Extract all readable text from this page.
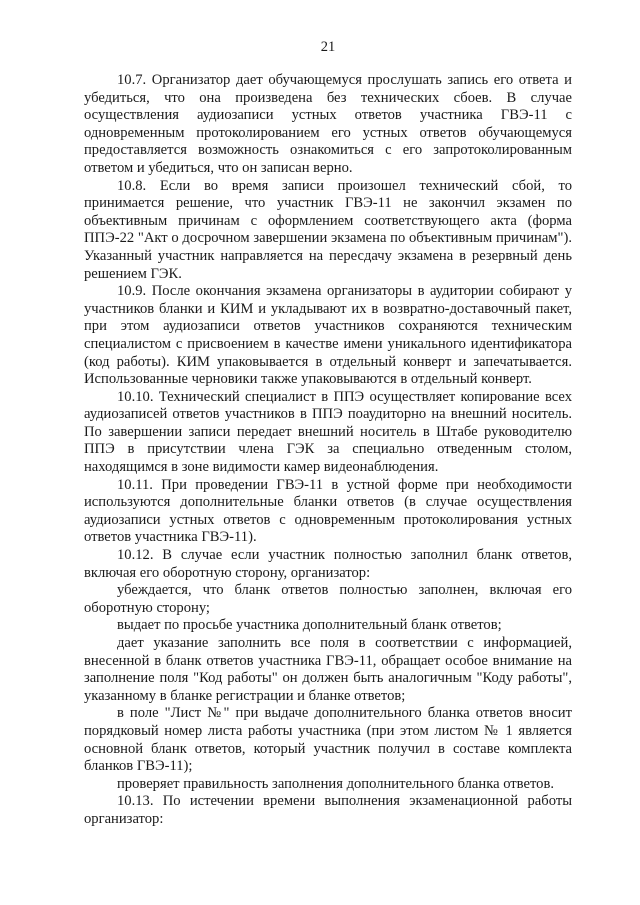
21

10.7. Организатор дает обучающемуся прослушать запись его ответа и убедиться, что она произведена без технических сбоев. В случае осуществления аудиозаписи устных ответов участника ГВЭ-11 с одновременным протоколированием его устных ответов обучающемуся предоставляется возможность ознакомиться с его запротоколированным ответом и убедиться, что он записан верно.

10.8. Если во время записи произошел технический сбой, то принимается решение, что участник ГВЭ-11 не закончил экзамен по объективным причинам с оформлением соответствующего акта (форма ППЭ-22 "Акт о досрочном завершении экзамена по объективным причинам"). Указанный участник направляется на пересдачу экзамена в резервный день решением ГЭК.

10.9. После окончания экзамена организаторы в аудитории собирают у участников бланки и КИМ и укладывают их в возвратно-доставочный пакет, при этом аудиозаписи ответов участников сохраняются техническим специалистом с присвоением в качестве имени уникального идентификатора (код работы). КИМ упаковывается в отдельный конверт и запечатывается. Использованные черновики также упаковываются в отдельный конверт.

10.10. Технический специалист в ППЭ осуществляет копирование всех аудиозаписей ответов участников в ППЭ поаудиторно на внешний носитель. По завершении записи передает внешний носитель в Штабе руководителю ППЭ в присутствии члена ГЭК за специально отведенным столом, находящимся в зоне видимости камер видеонаблюдения.

10.11. При проведении ГВЭ-11 в устной форме при необходимости используются дополнительные бланки ответов (в случае осуществления аудиозаписи устных ответов с одновременным протоколирования устных ответов участника ГВЭ-11).

10.12. В случае если участник полностью заполнил бланк ответов, включая его оборотную сторону, организатор:

убеждается, что бланк ответов полностью заполнен, включая его оборотную сторону;

выдает по просьбе участника дополнительный бланк ответов;

дает указание заполнить все поля в соответствии с информацией, внесенной в бланк ответов участника ГВЭ-11, обращает особое внимание на заполнение поля "Код работы" он должен быть аналогичным "Коду работы", указанному в бланке регистрации и бланке ответов;

в поле "Лист №" при выдаче дополнительного бланка ответов вносит порядковый номер листа работы участника (при этом листом № 1 является основной бланк ответов, который участник получил в составе комплекта бланков ГВЭ-11);

проверяет правильность заполнения дополнительного бланка ответов.

10.13. По истечении времени выполнения экзаменационной работы организатор:
